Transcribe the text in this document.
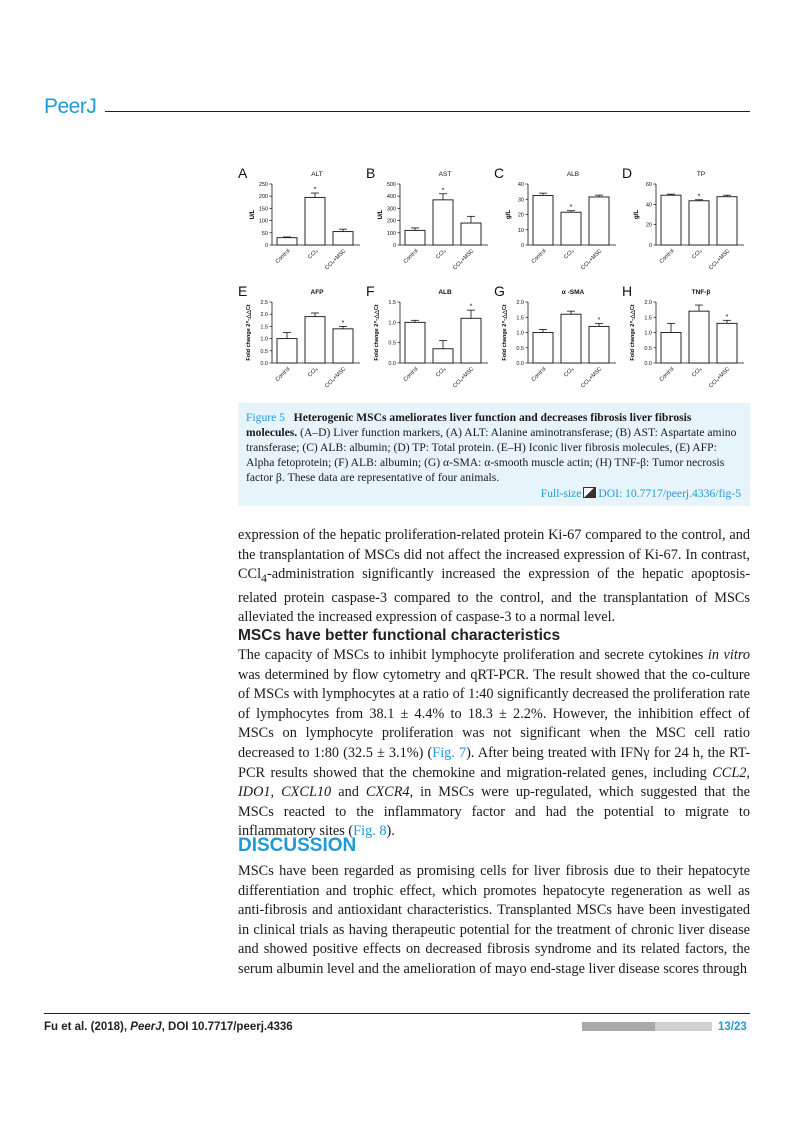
PeerJ
A	ALT
U/L
0
50
100
150
200
250
Control
*
CCl₄ CCl₄+MSC
B	AST
U/L
0
100
200
300
400
500
Control
*
CCl₄ CCl₄+MSC
C	ALB
g/L
0
10
20
30
40
Control
*
CCl₄ CCl₄+MSC
D	TP
g/L
0
20
40
60
Control
*
CCl₄ CCl₄+MSC
E	AFP
Fold change 2^-△△Ct
0.0
0.5
1.0
1.5
2.0
2.5
Control	CCl₄
*
CCl₄+MSC
F	ALB
Fold change 2^-△△Ct
0.0
0.5
1.0
1.5
Control	CCl₄
*
CCl₄+MSC
G	α -SMA
Fold change 2^-△△Ct
0.0
0.5
1.0
1.5
2.0
Control	CCl₄
*
CCl₄+MSC
H	TNF-β
Fold change 2^-△△Ct
0.0
0.5
1.0
1.5
2.0
Control	CCl₄
*
CCl₄+MSC
Figure 5 Heterogenic MSCs ameliorates liver function and decreases fibrosis liver fibrosis molecules. (A–D) Liver function markers, (A) ALT: Alanine aminotransferase; (B) AST: Aspartate amino transferase; (C) ALB: albumin; (D) TP: Total protein. (E–H) Iconic liver fibrosis molecules, (E) AFP: Alpha fetoprotein; (F) ALB: albumin; (G) α-SMA: α-smooth muscle actin; (H) TNF-β: Tumor necrosis factor β. These data are representative of four animals.
Full-size DOI: 10.7717/peerj.4336/fig-5
expression of the hepatic proliferation-related protein Ki-67 compared to the control, and the transplantation of MSCs did not affect the increased expression of Ki-67. In contrast, CCl$_4$-administration significantly increased the expression of the hepatic apoptosis-related protein caspase-3 compared to the control, and the transplantation of MSCs alleviated the increased expression of caspase-3 to a normal level.
MSCs have better functional characteristics
The capacity of MSCs to inhibit lymphocyte proliferation and secrete cytokines in vitro was determined by flow cytometry and qRT-PCR. The result showed that the co-culture of MSCs with lymphocytes at a ratio of 1:40 significantly decreased the proliferation rate of lymphocytes from 38.1 ± 4.4% to 18.3 ± 2.2%. However, the inhibition effect of MSCs on lymphocyte proliferation was not significant when the MSC cell ratio decreased to 1:80 (32.5 ± 3.1%) (Fig. 7). After being treated with IFNγ for 24 h, the RT-PCR results showed that the chemokine and migration-related genes, including CCL2, IDO1, CXCL10 and CXCR4, in MSCs were up-regulated, which suggested that the MSCs reacted to the inflammatory factor and had the potential to migrate to inflammatory sites (Fig. 8).
DISCUSSION
MSCs have been regarded as promising cells for liver fibrosis due to their hepatocyte differentiation and trophic effect, which promotes hepatocyte regeneration as well as anti-fibrosis and antioxidant characteristics. Transplanted MSCs have been investigated in clinical trials as having therapeutic potential for the treatment of chronic liver disease and showed positive effects on decreased fibrosis syndrome and its related factors, the serum albumin level and the amelioration of mayo end-stage liver disease scores through
Fu et al. (2018), PeerJ, DOI 10.7717/peerj.4336	13/23
